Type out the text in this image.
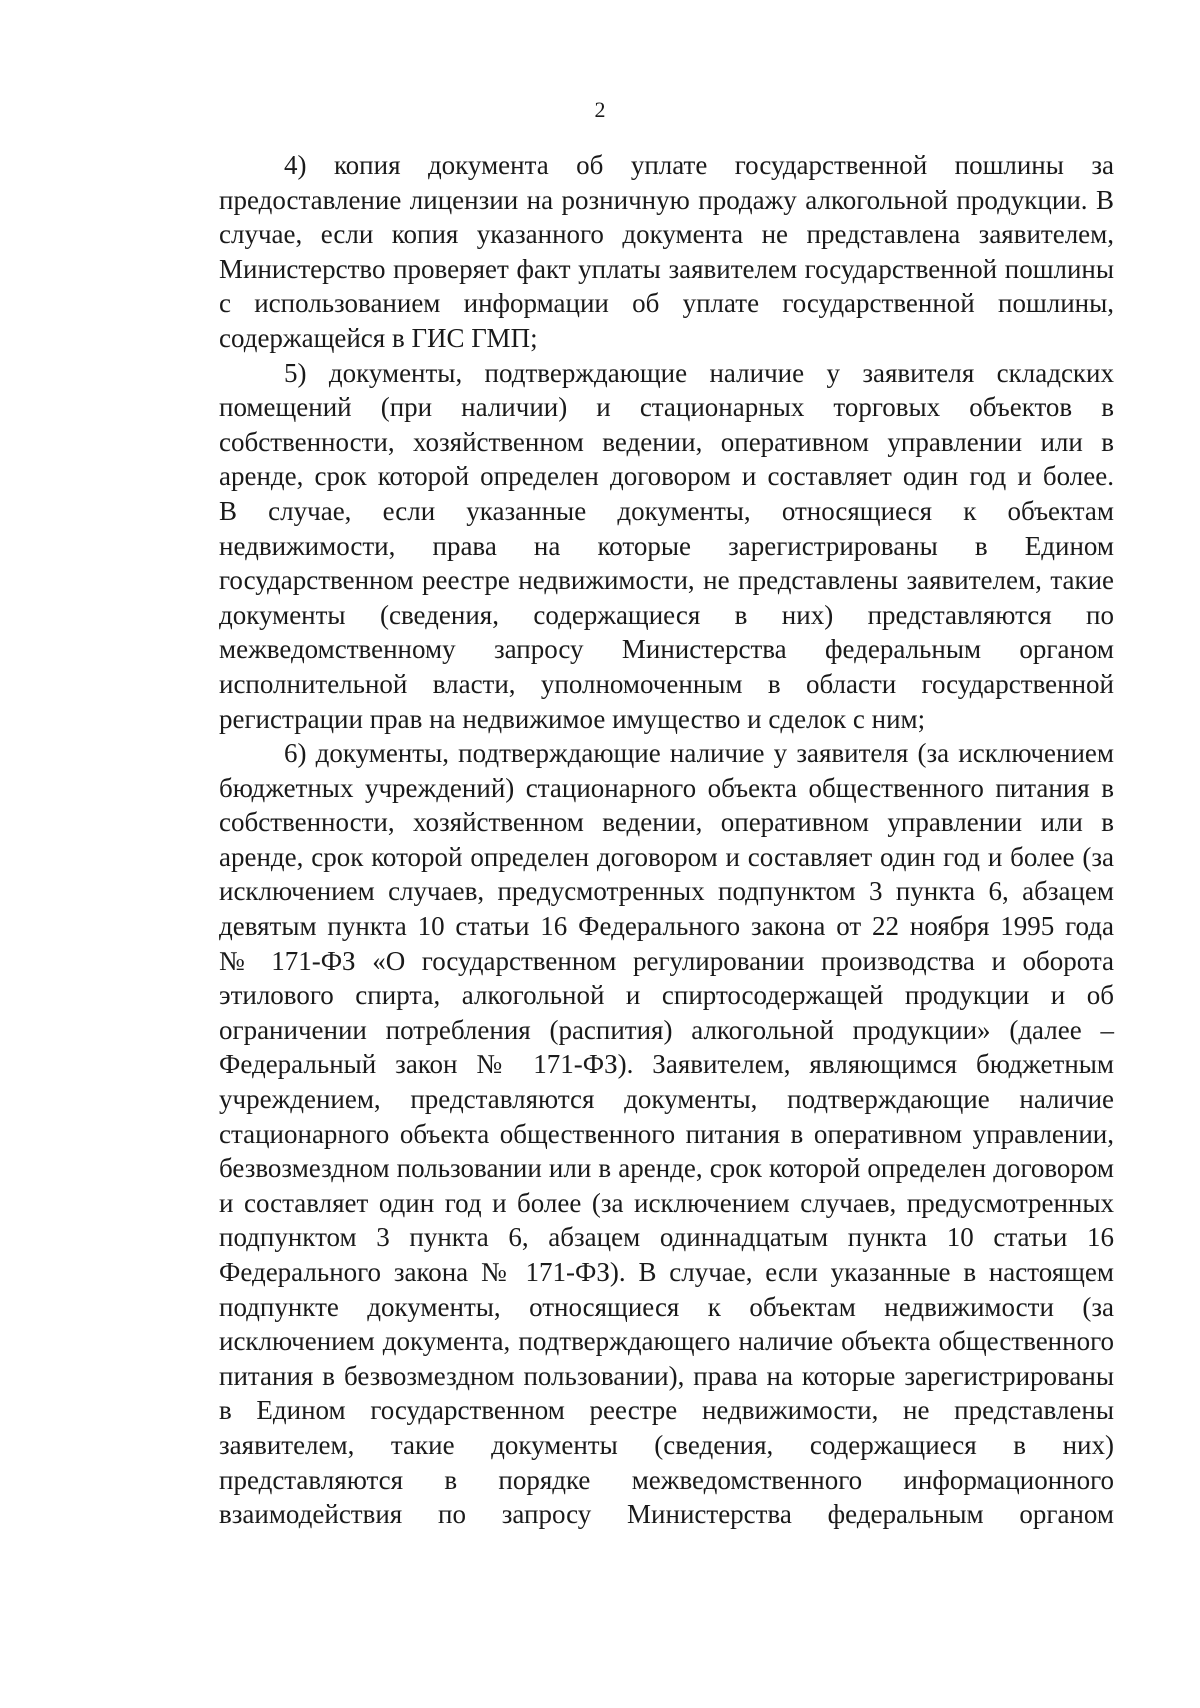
2
4) копия документа об уплате государственной пошлины за
предоставление лицензии на розничную продажу алкогольной продукции. В
случае, если копия указанного документа не представлена заявителем,
Министерство проверяет факт уплаты заявителем государственной пошлины
с использованием информации об уплате государственной пошлины,
содержащейся в ГИС ГМП;
5) документы, подтверждающие наличие у заявителя складских
помещений (при наличии) и стационарных торговых объектов в
собственности, хозяйственном ведении, оперативном управлении или в
аренде, срок которой определен договором и составляет один год и более.
В случае, если указанные документы, относящиеся к объектам
недвижимости, права на которые зарегистрированы в Едином
государственном реестре недвижимости, не представлены заявителем, такие
документы (сведения, содержащиеся в них) представляются по
межведомственному запросу Министерства федеральным органом
исполнительной власти, уполномоченным в области государственной
регистрации прав на недвижимое имущество и сделок с ним;
6) документы, подтверждающие наличие у заявителя (за исключением
бюджетных учреждений) стационарного объекта общественного питания в
собственности, хозяйственном ведении, оперативном управлении или в
аренде, срок которой определен договором и составляет один год и более (за
исключением случаев, предусмотренных подпунктом 3 пункта 6, абзацем
девятым пункта 10 статьи 16 Федерального закона от 22 ноября 1995 года
№ 171-ФЗ «О государственном регулировании производства и оборота
этилового спирта, алкогольной и спиртосодержащей продукции и об
ограничении потребления (распития) алкогольной продукции» (далее –
Федеральный закон № 171-ФЗ). Заявителем, являющимся бюджетным
учреждением, представляются документы, подтверждающие наличие
стационарного объекта общественного питания в оперативном управлении,
безвозмездном пользовании или в аренде, срок которой определен договором
и составляет один год и более (за исключением случаев, предусмотренных
подпунктом 3 пункта 6, абзацем одиннадцатым пункта 10 статьи 16
Федерального закона № 171-ФЗ). В случае, если указанные в настоящем
подпункте документы, относящиеся к объектам недвижимости (за
исключением документа, подтверждающего наличие объекта общественного
питания в безвозмездном пользовании), права на которые зарегистрированы
в Едином государственном реестре недвижимости, не представлены
заявителем, такие документы (сведения, содержащиеся в них)
представляются в порядке межведомственного информационного
взаимодействия по запросу Министерства федеральным органом
